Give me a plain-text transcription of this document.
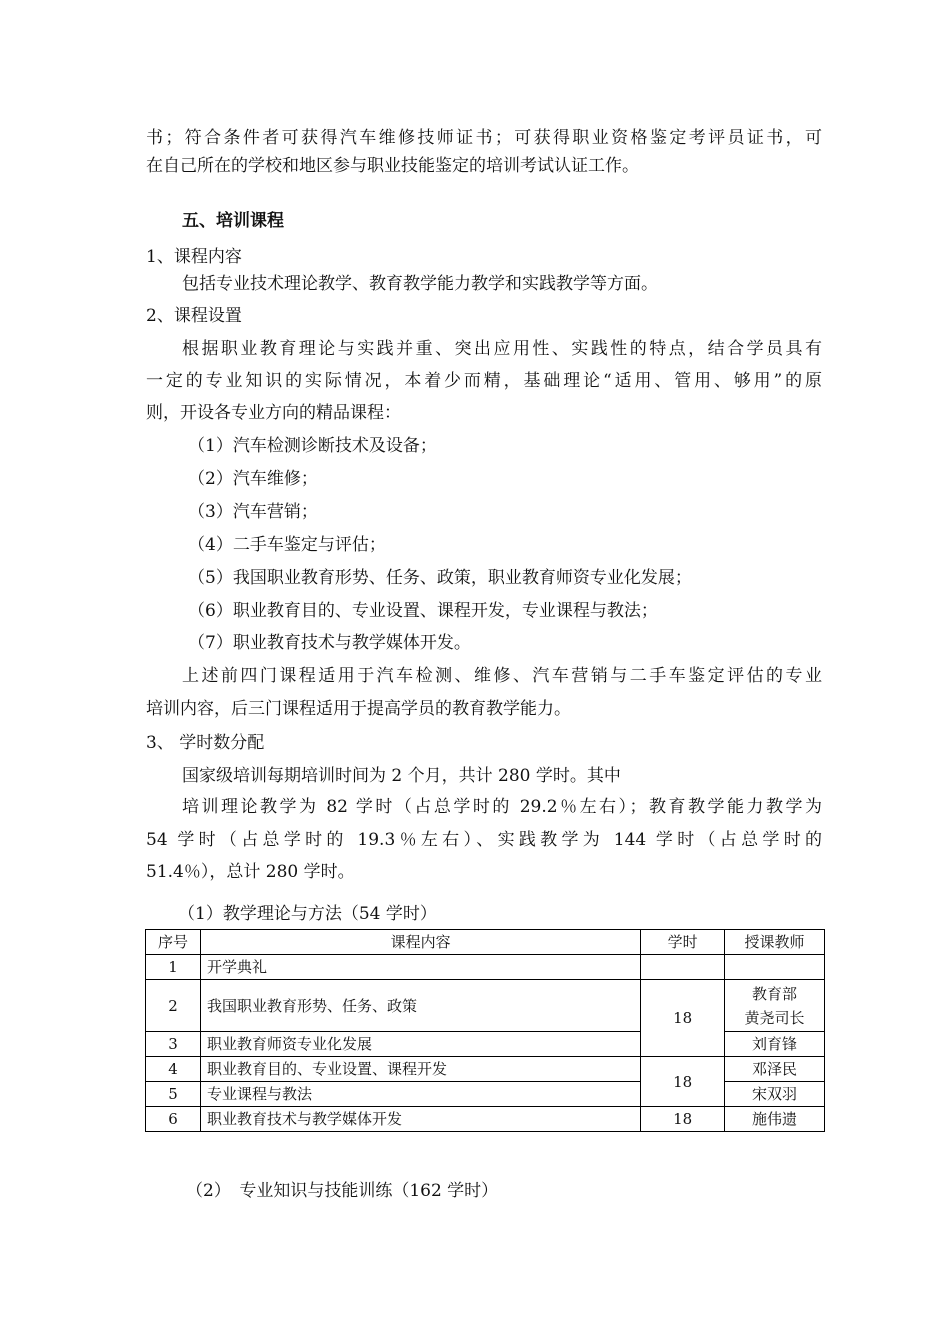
书；符合条件者可获得汽车维修技师证书；可获得职业资格鉴定考评员证书，可
在自己所在的学校和地区参与职业技能鉴定的培训考试认证工作。
五、培训课程
1、课程内容
包括专业技术理论教学、教育教学能力教学和实践教学等方面。
2、课程设置
根据职业教育理论与实践并重、突出应用性、实践性的特点，结合学员具有
一定的专业知识的实际情况，本着少而精，基础理论“适用、管用、够用”的原
则，开设各专业方向的精品课程：
（1）汽车检测诊断技术及设备；
（2）汽车维修；
（3）汽车营销；
（4）二手车鉴定与评估；
（5）我国职业教育形势、任务、政策，职业教育师资专业化发展；
（6）职业教育目的、专业设置、课程开发，专业课程与教法；
（7）职业教育技术与教学媒体开发。
上述前四门课程适用于汽车检测、维修、汽车营销与二手车鉴定评估的专业
培训内容，后三门课程适用于提高学员的教育教学能力。
3、 学时数分配
国家级培训每期培训时间为 2 个月，共计 280 学时。其中
培训理论教学为 82 学时（占总学时的 29.2％左右）；教育教学能力教学为
54 学时（占总学时的 19.3％左右）、实践教学为 144 学时（占总学时的
51.4％），总计 280 学时。
（1）教学理论与方法（54 学时）
序号	课程内容	学时	授课教师
1	开学典礼		
2	我国职业教育形势、任务、政策	18	教育部
黄尧司长

3	职业教育师资专业化发展		刘育锋
4	职业教育目的、专业设置、课程开发	18	邓泽民
5	专业课程与教法		宋双羽
6	职业教育技术与教学媒体开发	18	施伟遗
（2）　专业知识与技能训练（162 学时）
